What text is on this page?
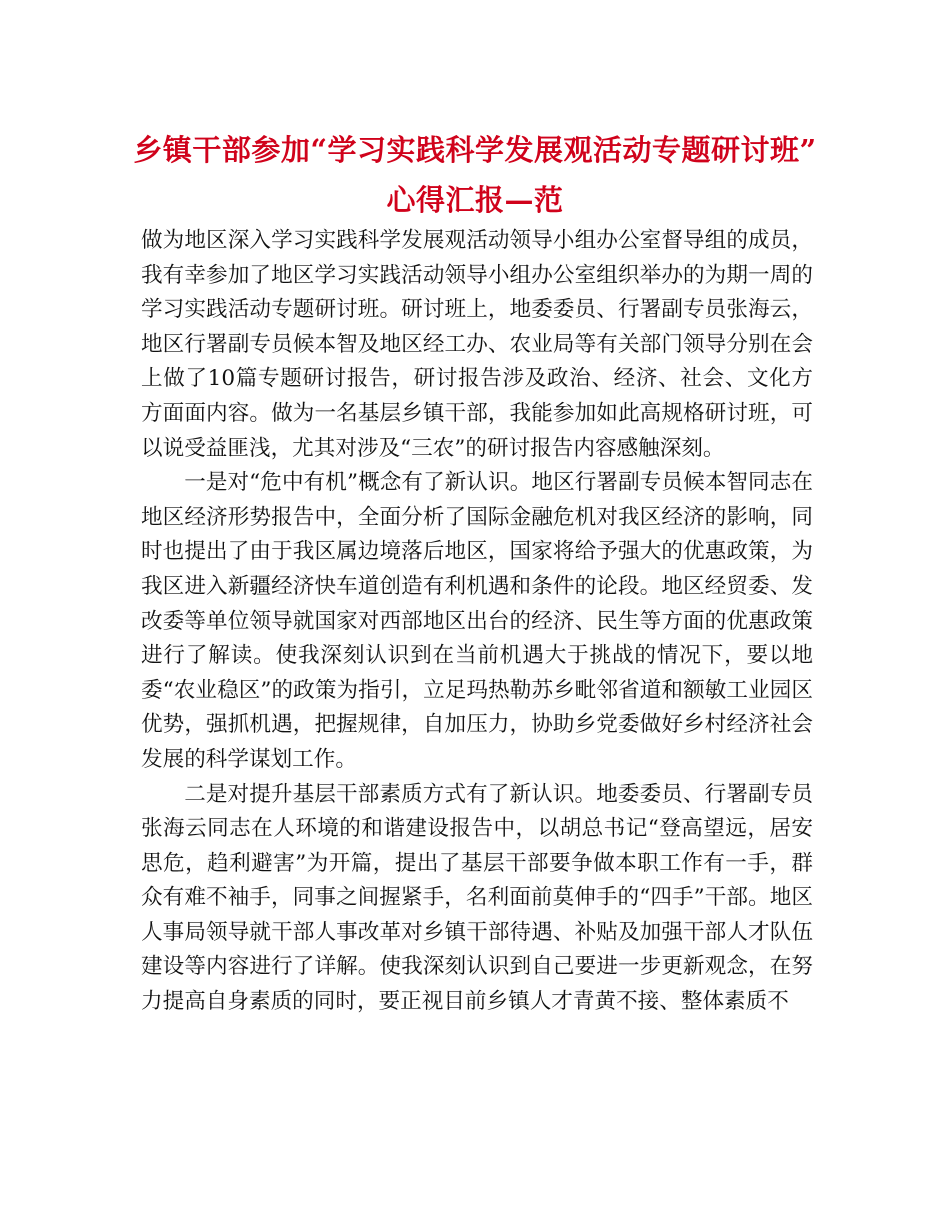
乡镇干部参加“学习实践科学发展观活动专题研讨班”
心得汇报—范

做为地区深入学习实践科学发展观活动领导小组办公室督导组的成员，我有幸参加了地区学习实践活动领导小组办公室组织举办的为期一周的学习实践活动专题研讨班。研讨班上，地委委员、行署副专员张海云，地区行署副专员候本智及地区经工办、农业局等有关部门领导分别在会上做了10篇专题研讨报告，研讨报告涉及政治、经济、社会、文化方方面面内容。做为一名基层乡镇干部，我能参加如此高规格研讨班，可以说受益匪浅，尤其对涉及“三农”的研讨报告内容感触深刻。

一是对“危中有机”概念有了新认识。地区行署副专员候本智同志在地区经济形势报告中，全面分析了国际金融危机对我区经济的影响，同时也提出了由于我区属边境落后地区，国家将给予强大的优惠政策，为我区进入新疆经济快车道创造有利机遇和条件的论段。地区经贸委、发改委等单位领导就国家对西部地区出台的经济、民生等方面的优惠政策进行了解读。使我深刻认识到在当前机遇大于挑战的情况下，要以地委“农业稳区”的政策为指引，立足玛热勒苏乡毗邻省道和额敏工业园区优势，强抓机遇，把握规律，自加压力，协助乡党委做好乡村经济社会发展的科学谋划工作。

二是对提升基层干部素质方式有了新认识。地委委员、行署副专员张海云同志在人环境的和谐建设报告中，以胡总书记“登高望远，居安思危，趋利避害”为开篇，提出了基层干部要争做本职工作有一手，群众有难不袖手，同事之间握紧手，名利面前莫伸手的“四手”干部。地区人事局领导就干部人事改革对乡镇干部待遇、补贴及加强干部人才队伍建设等内容进行了详解。使我深刻认识到自己要进一步更新观念，在努力提高自身素质的同时，要正视目前乡镇人才青黄不接、整体素质不
